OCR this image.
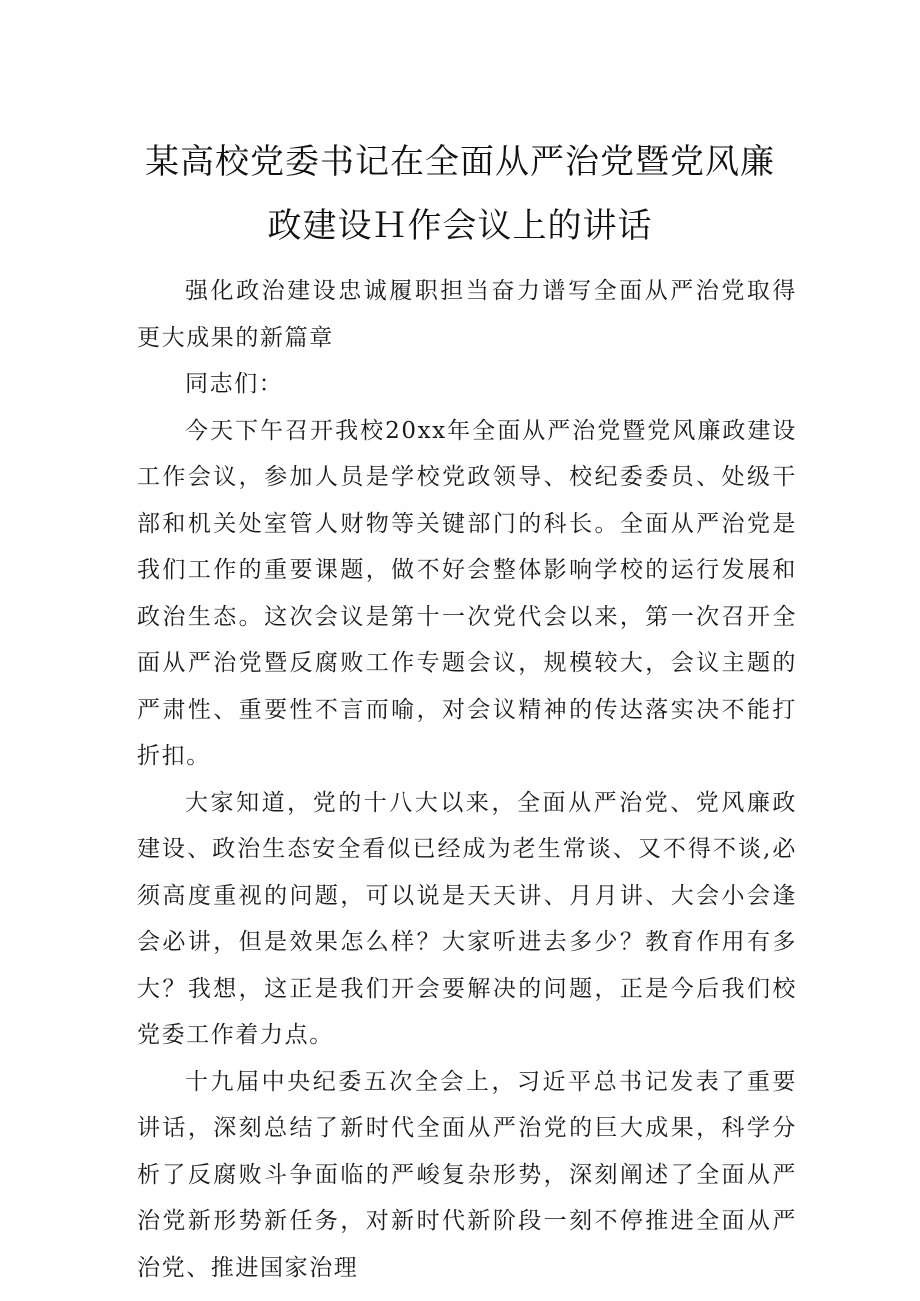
某高校党委书记在全面从严治党暨党风廉
政建设Ｈ作会议上的讲话

强化政治建设忠诚履职担当奋力谱写全面从严治党取得更大成果的新篇章

同志们：

今天下午召开我校20xx年全面从严治党暨党风廉政建设工作会议，参加人员是学校党政领导、校纪委委员、处级干部和机关处室管人财物等关键部门的科长。全面从严治党是我们工作的重要课题，做不好会整体影响学校的运行发展和政治生态。这次会议是第十一次党代会以来，第一次召开全面从严治党暨反腐败工作专题会议，规模较大，会议主题的严肃性、重要性不言而喻，对会议精神的传达落实决不能打折扣。

大家知道，党的十八大以来，全面从严治党、党风廉政建设、政治生态安全看似已经成为老生常谈、又不得不谈,必须高度重视的问题，可以说是天天讲、月月讲、大会小会逢会必讲，但是效果怎么样？大家听进去多少？教育作用有多大？我想，这正是我们开会要解决的问题，正是今后我们校党委工作着力点。

十九届中央纪委五次全会上，习近平总书记发表了重要讲话，深刻总结了新时代全面从严治党的巨大成果，科学分析了反腐败斗争面临的严峻复杂形势，深刻阐述了全面从严治党新形势新任务，对新时代新阶段一刻不停推进全面从严治党、推进国家治理
